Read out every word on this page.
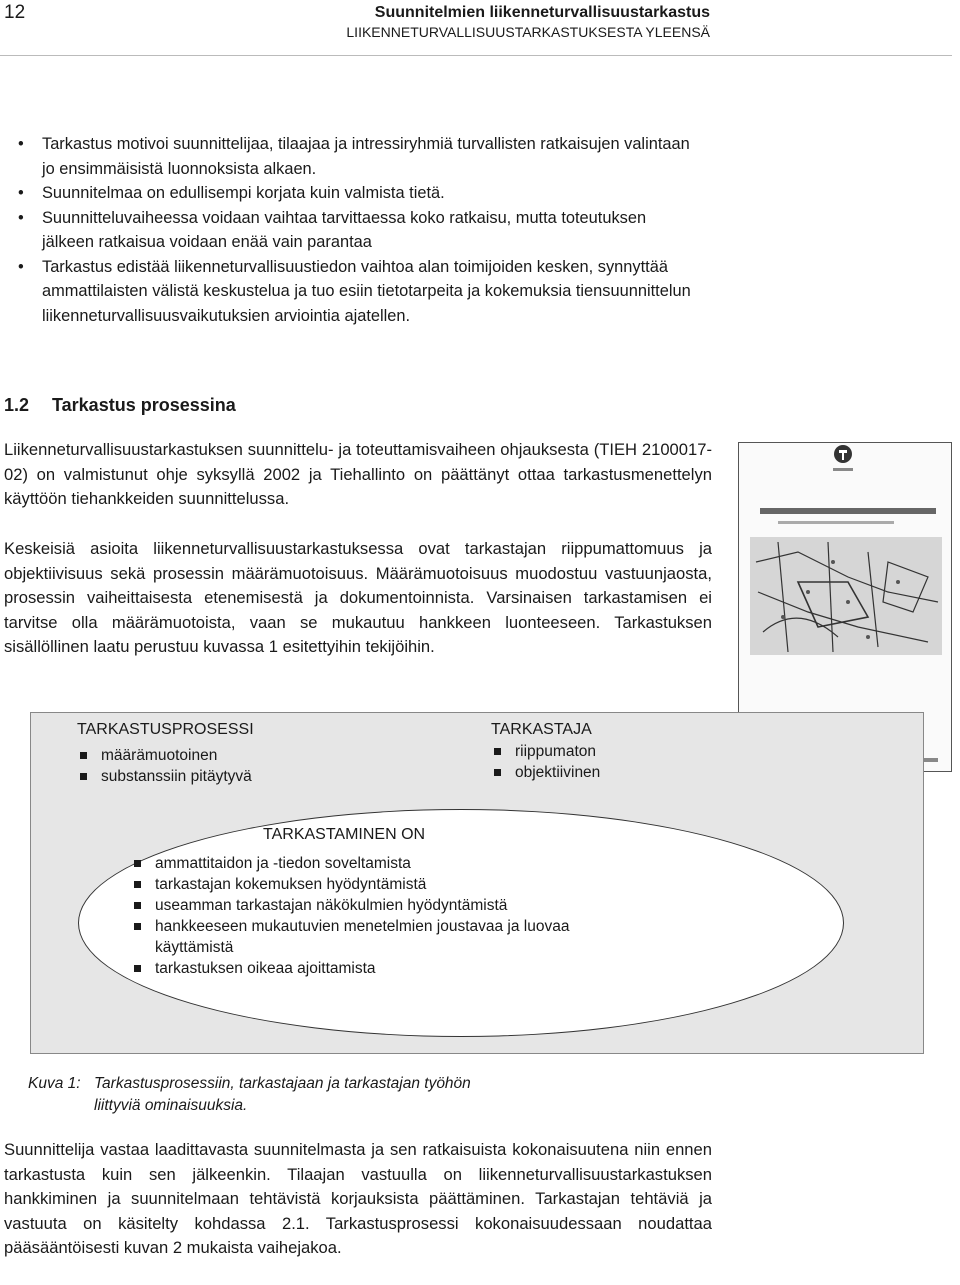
12	Suunnitelmien liikenneturvallisuustarkastus
LIIKENNETURVALLISUUSTARKASTUKSESTA YLEENSÄ
• Tarkastus motivoi suunnittelijaa, tilaajaa ja intressiryhmiä turvallisten ratkaisujen valintaan jo ensimmäisistä luonnoksista alkaen.
• Suunnitelmaa on edullisempi korjata kuin valmista tietä.
• Suunnitteluvaiheessa voidaan vaihtaa tarvittaessa koko ratkaisu, mutta toteutuksen jälkeen ratkaisua voidaan enää vain parantaa
• Tarkastus edistää liikenneturvallisuustiedon vaihtoa alan toimijoiden kesken, synnyttää ammattilaisten välistä keskustelua ja tuo esiin tietotarpeita ja kokemuksia tiensuunnittelun liikenneturvallisuusvaikutuksien arviointia ajatellen.
1.2 Tarkastus prosessina

Liikenneturvallisuustarkastuksen suunnittelu- ja toteuttamisvaiheen ohjauksesta (TIEH 2100017-02) on valmistunut ohje syksyllä 2002 ja Tiehallinto on päättänyt ottaa tarkastusmenettelyn käyttöön tiehankkeiden suunnittelussa.

Keskeisiä asioita liikenneturvallisuustarkastuksessa ovat tarkastajan riippumattomuus ja objektiivisuus sekä prosessin määrämuotoisuus. Määrämuotoisuus muodostuu vastuunjaosta, prosessin vaiheittaisesta etenemisestä ja dokumentoinnista. Varsinaisen tarkastamisen ei tarvitse olla määrämuotoista, vaan se mukautuu hankkeen luonteeseen. Tarkastuksen sisällöllinen laatu perustuu kuvassa 1 esitettyihin tekijöihin.

TARKASTUSPROSESSI
määrämuotoinen
substanssiin pitäytyvä
TARKASTAJA
riippumaton
objektiivinen
TARKASTAMINEN ON
ammattitaidon ja -tiedon soveltamista
tarkastajan kokemuksen hyödyntämistä
useamman tarkastajan näkökulmien hyödyntämistä
hankkeeseen mukautuvien menetelmien joustavaa ja luovaa käyttämistä
tarkastuksen oikeaa ajoittamista
Kuva 1: Tarkastusprosessiin, tarkastajaan ja tarkastajan työhön
liittyviä ominaisuuksia.

Suunnittelija vastaa laadittavasta suunnitelmasta ja sen ratkaisuista kokonaisuutena niin ennen tarkastusta kuin sen jälkeenkin. Tilaajan vastuulla on liikenneturvallisuustarkastuksen hankkiminen ja suunnitelmaan tehtävistä korjauksista päättäminen. Tarkastajan tehtäviä ja vastuuta on käsitelty kohdassa 2.1. Tarkastusprosessi kokonaisuudessaan noudattaa pääsääntöisesti kuvan 2 mukaista vaihejakoa.
